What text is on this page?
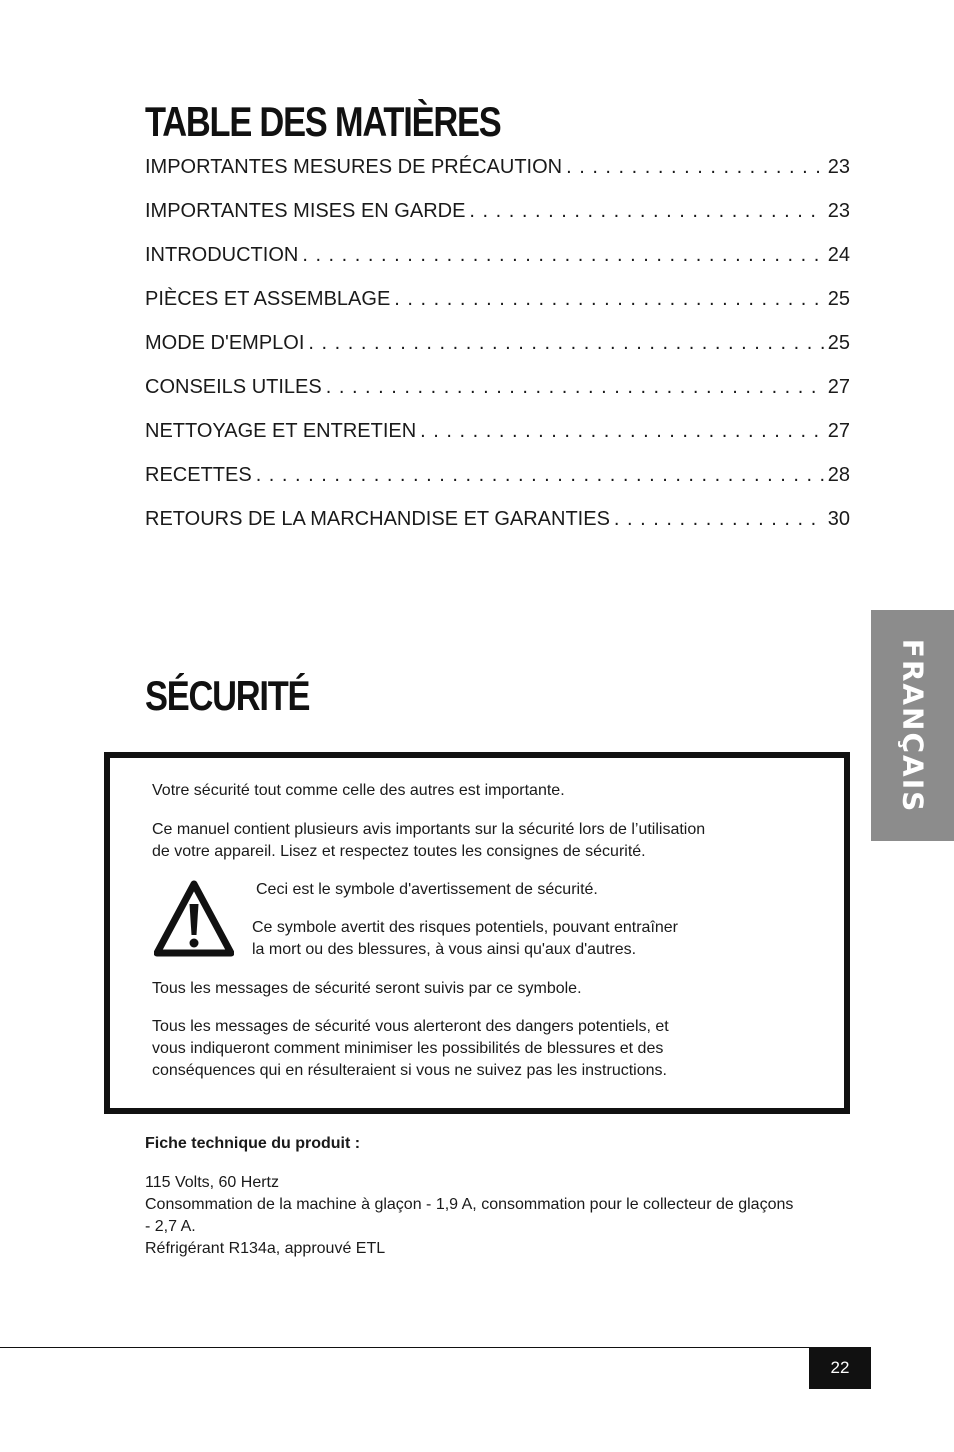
TABLE DES MATIÈRES
IMPORTANTES MESURES DE PRÉCAUTION . . .	23
IMPORTANTES MISES EN GARDE . . .	23
INTRODUCTION . . .	24
PIÈCES ET ASSEMBLAGE . . .	25
MODE D'EMPLOI . . .	25
CONSEILS UTILES . . .	27
NETTOYAGE ET ENTRETIEN . . .	27
RECETTES . . .	28
RETOURS DE LA MARCHANDISE ET GARANTIES . . .	30
FRANÇAIS
SÉCURITÉ
Votre sécurité tout comme celle des autres est importante.
Ce manuel contient plusieurs avis importants sur la sécurité lors de l’utilisation
de votre appareil. Lisez et respectez toutes les consignes de sécurité.
Ceci est le symbole d'avertissement de sécurité.
Ce symbole avertit des risques potentiels, pouvant entraîner
la mort ou des blessures, à vous ainsi qu'aux d'autres.
Tous les messages de sécurité seront suivis par ce symbole.
Tous les messages de sécurité vous alerteront des dangers potentiels, et
vous indiqueront comment minimiser les possibilités de blessures et des
conséquences qui en résulteraient si vous ne suivez pas les instructions.
Fiche technique du produit :
115 Volts, 60 Hertz
Consommation de la machine à glaçon - 1,9 A, consommation pour le collecteur de glaçons
- 2,7 A.
Réfrigérant R134a, approuvé ETL
22
